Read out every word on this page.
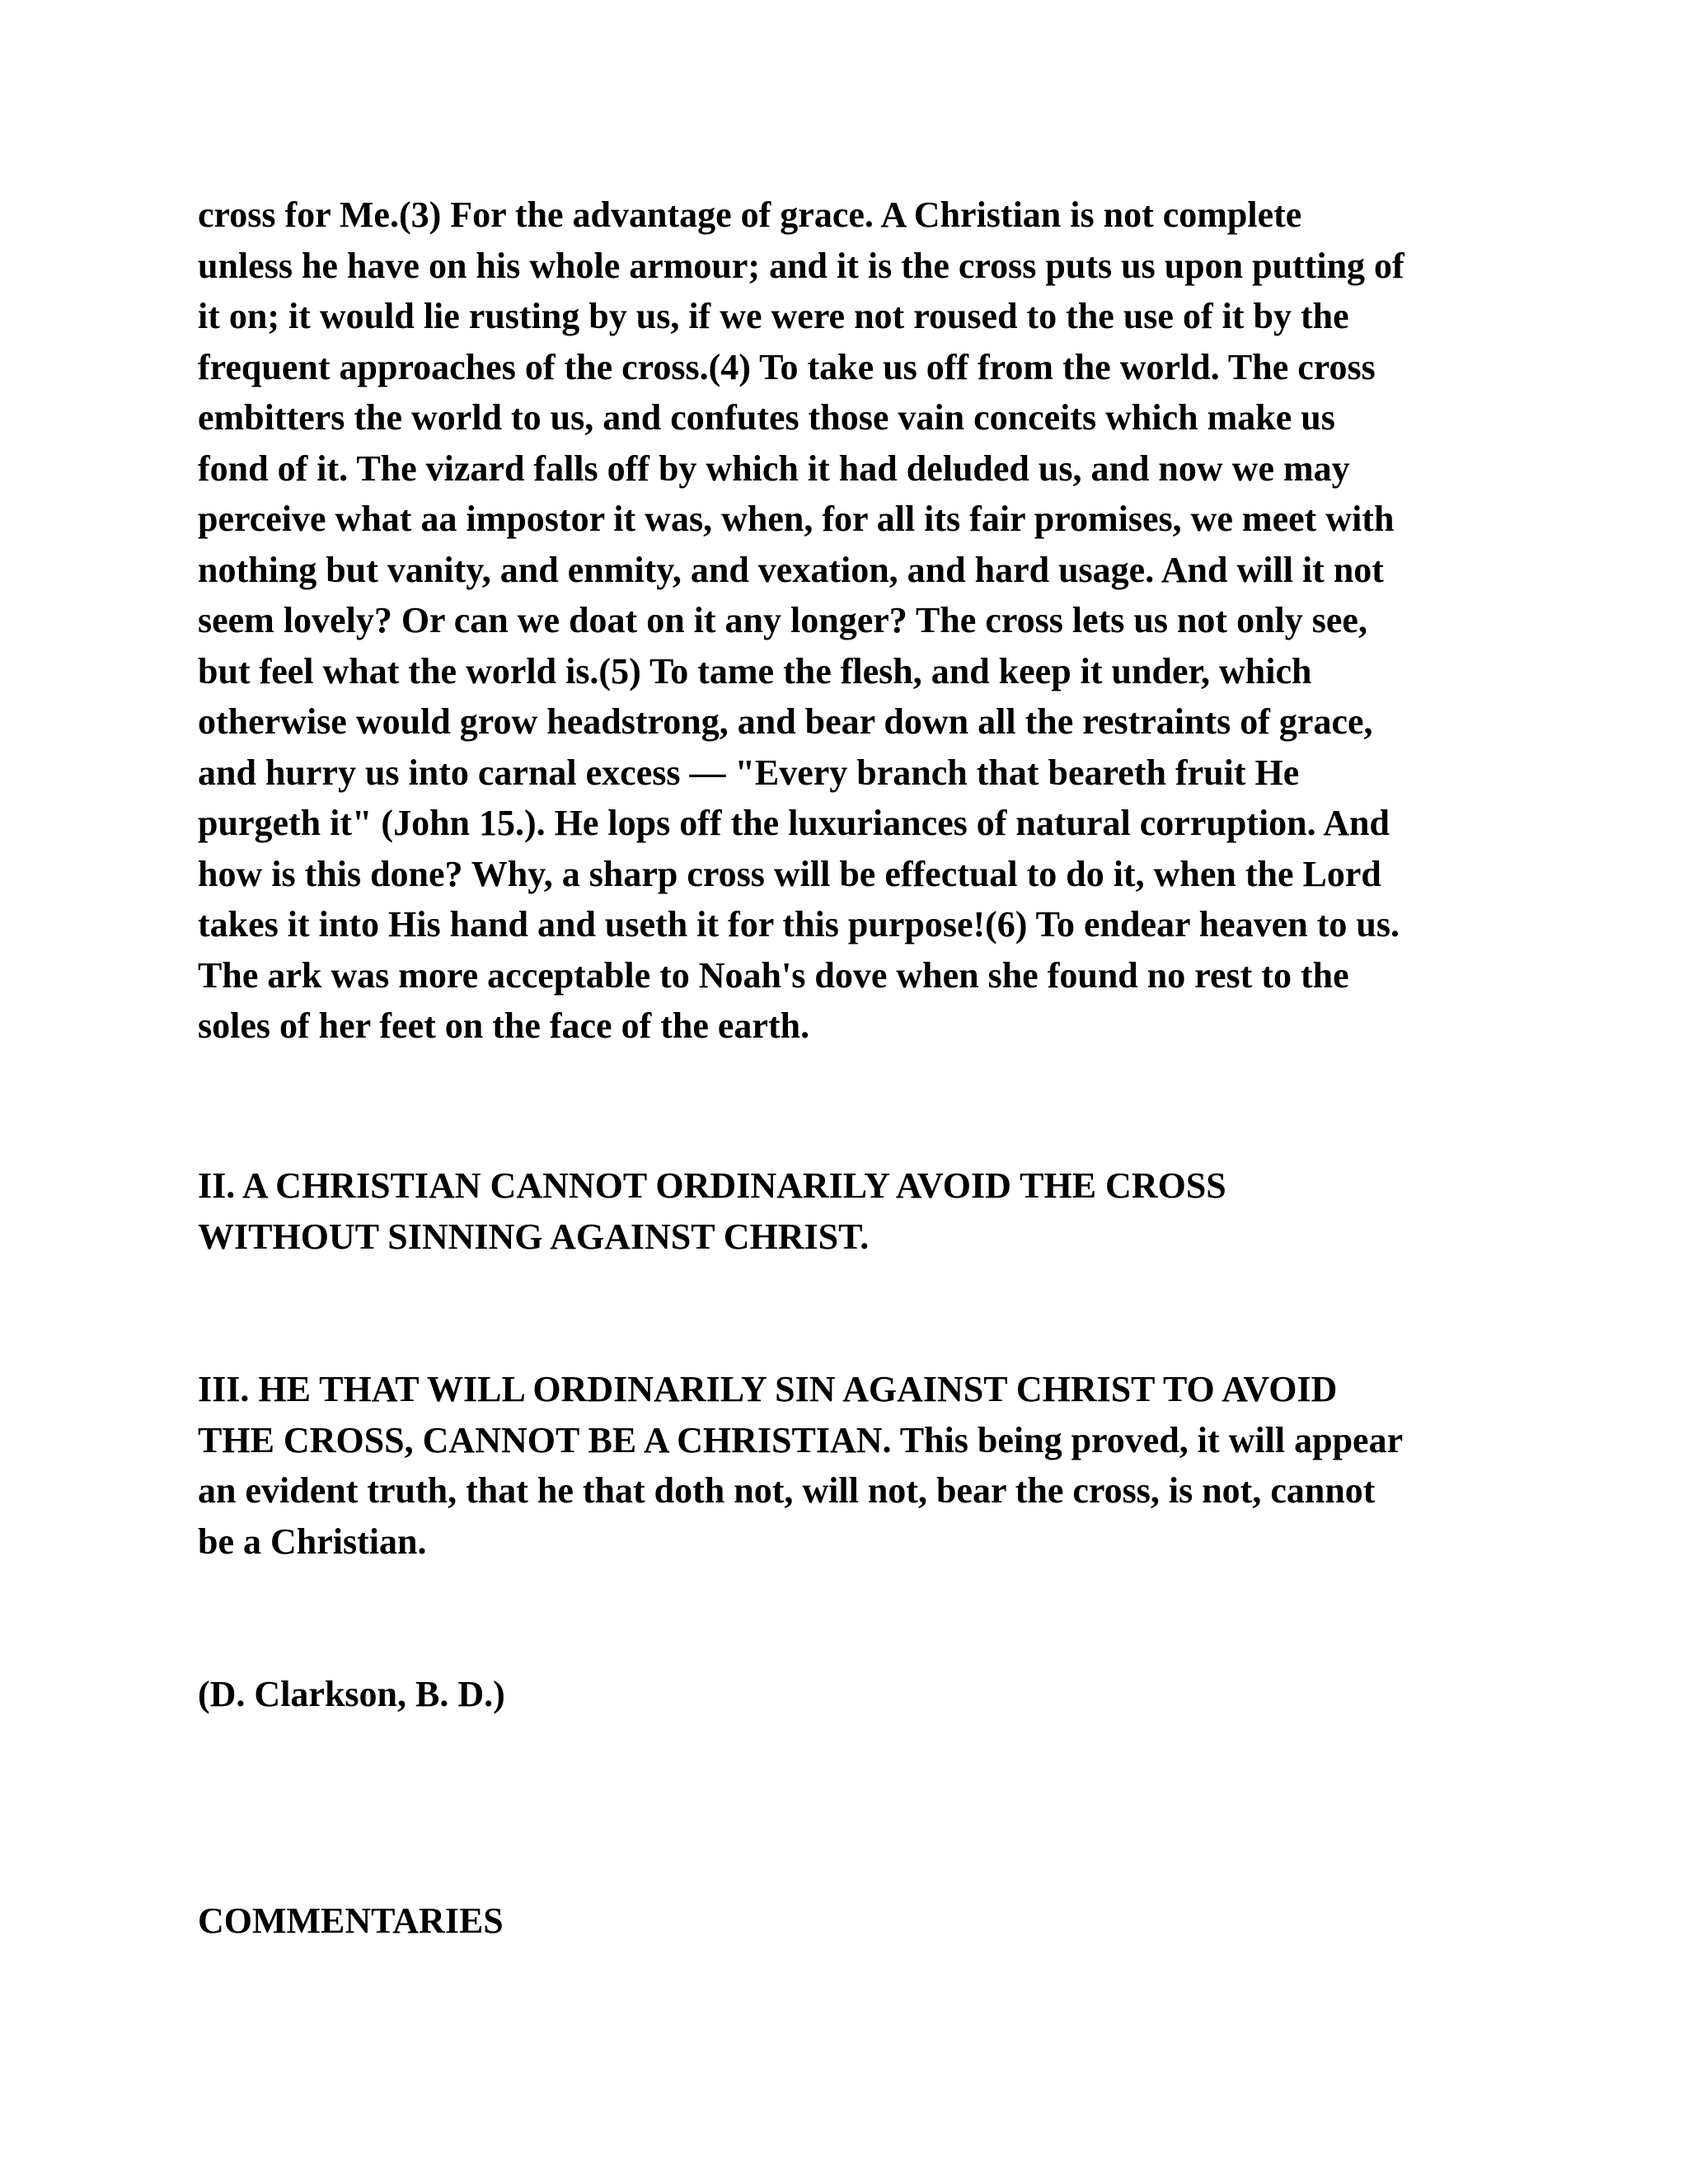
cross for Me.(3) For the advantage of grace. A Christian is not complete
unless he have on his whole armour; and it is the cross puts us upon putting of
it on; it would lie rusting by us, if we were not roused to the use of it by the
frequent approaches of the cross.(4) To take us off from the world. The cross
embitters the world to us, and confutes those vain conceits which make us
fond of it. The vizard falls off by which it had deluded us, and now we may
perceive what aa impostor it was, when, for all its fair promises, we meet with
nothing but vanity, and enmity, and vexation, and hard usage. And will it not
seem lovely? Or can we doat on it any longer? The cross lets us not only see,
but feel what the world is.(5) To tame the flesh, and keep it under, which
otherwise would grow headstrong, and bear down all the restraints of grace,
and hurry us into carnal excess — "Every branch that beareth fruit He
purgeth it" (John 15.). He lops off the luxuriances of natural corruption. And
how is this done? Why, a sharp cross will be effectual to do it, when the Lord
takes it into His hand and useth it for this purpose!(6) To endear heaven to us.
The ark was more acceptable to Noah's dove when she found no rest to the
soles of her feet on the face of the earth.

II. A CHRISTIAN CANNOT ORDINARILY AVOID THE CROSS
WITHOUT SINNING AGAINST CHRIST.

III. HE THAT WILL ORDINARILY SIN AGAINST CHRIST TO AVOID
THE CROSS, CANNOT BE A CHRISTIAN. This being proved, it will appear
an evident truth, that he that doth not, will not, bear the cross, is not, cannot
be a Christian.

(D. Clarkson, B. D.)

COMMENTARIES
